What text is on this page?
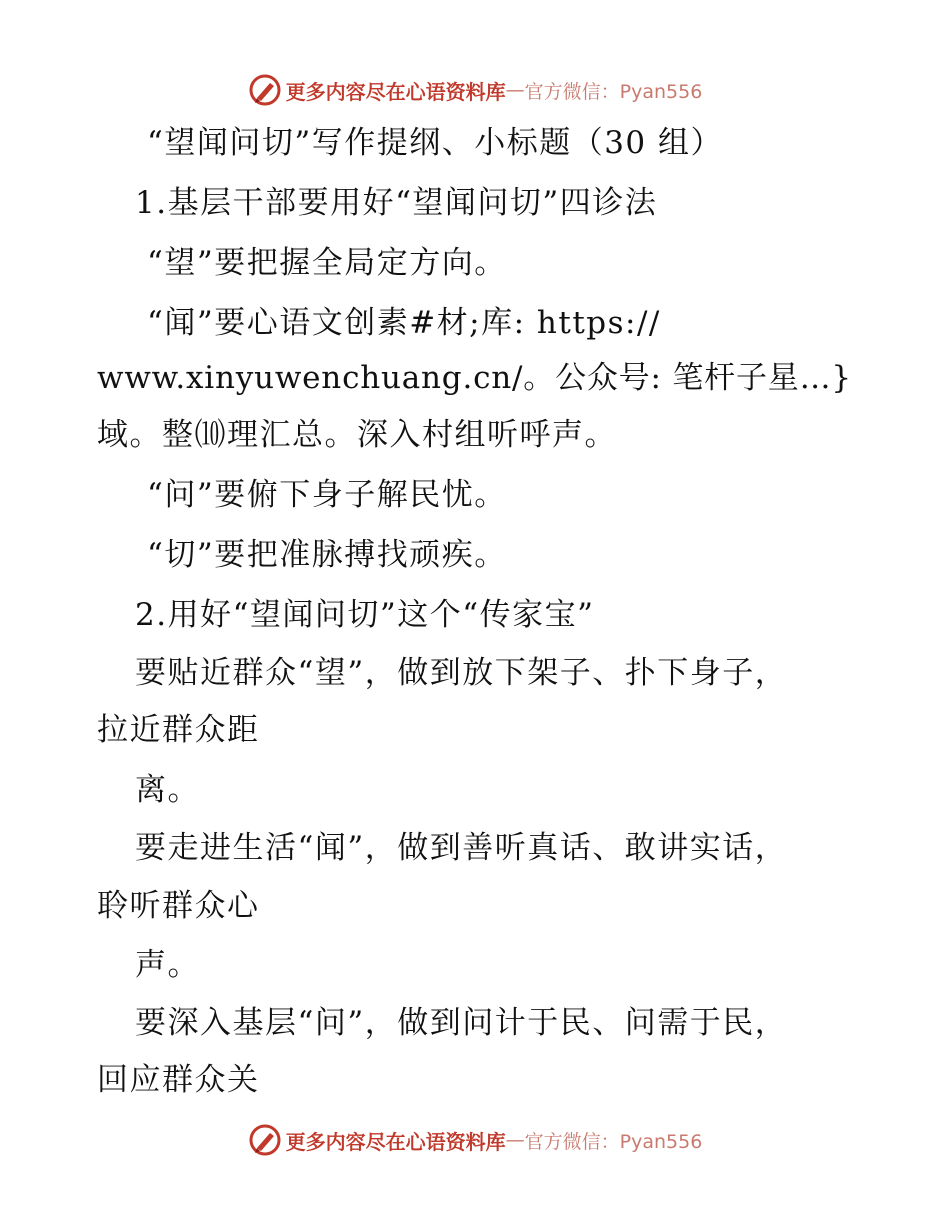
更多内容尽在心语资料库 — 官方微信：Pyan556
“望闻问切”写作提纲、小标题（30 组）
1.基层干部要用好“望闻问切”四诊法
“望”要把握全局定方向。
“闻”要心语文创素#材;库: https://
www.xinyuwenchuang.cn/。公众号: 笔杆子星…}
域。整⑽理汇总。深入村组听呼声。
“问”要俯下身子解民忧。
“切”要把准脉搏找顽疾。
2.用好“望闻问切”这个“传家宝”
要贴近群众“望”，做到放下架子、扑下身子，
拉近群众距
离。
要走进生活“闻”，做到善听真话、敢讲实话，
聆听群众心
声。
要深入基层“问”，做到问计于民、问需于民，
回应群众关
更多内容尽在心语资料库 — 官方微信：Pyan556
